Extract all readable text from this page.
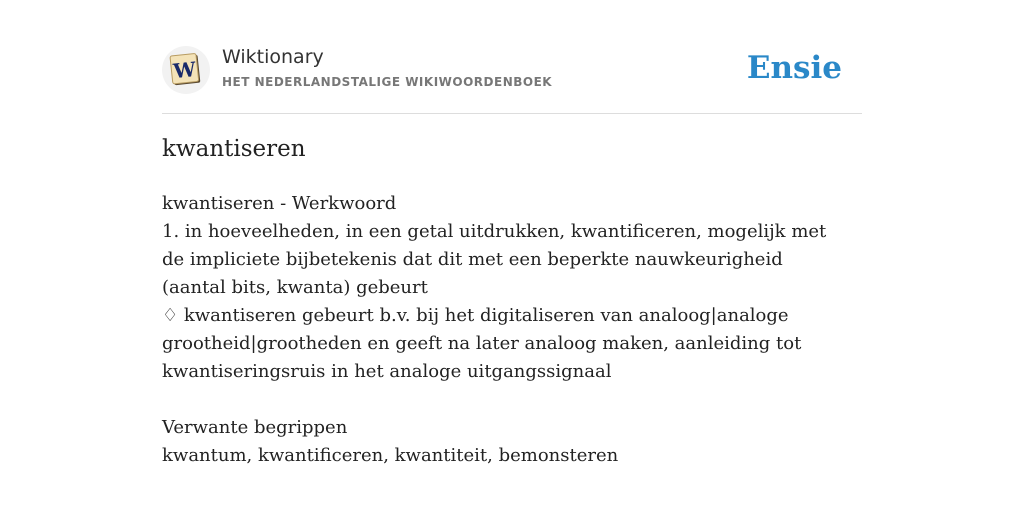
W
Wiktionary
HET NEDERLANDSTALIGE WIKIWOORDENBOEK	Ensie
kwantiseren

kwantiseren - Werkwoord

1. in hoeveelheden, in een getal uitdrukken, kwantificeren, mogelijk met de impliciete bijbetekenis dat dit met een beperkte nauwkeurigheid (aantal bits, kwanta) gebeurt

♢ kwantiseren gebeurt b.v. bij het digitaliseren van analoog|analoge grootheid|grootheden en geeft na later analoog maken, aanleiding tot kwantiseringsruis in het analoge uitgangssignaal

Verwante begrippen

kwantum, kwantificeren, kwantiteit, bemonsteren
